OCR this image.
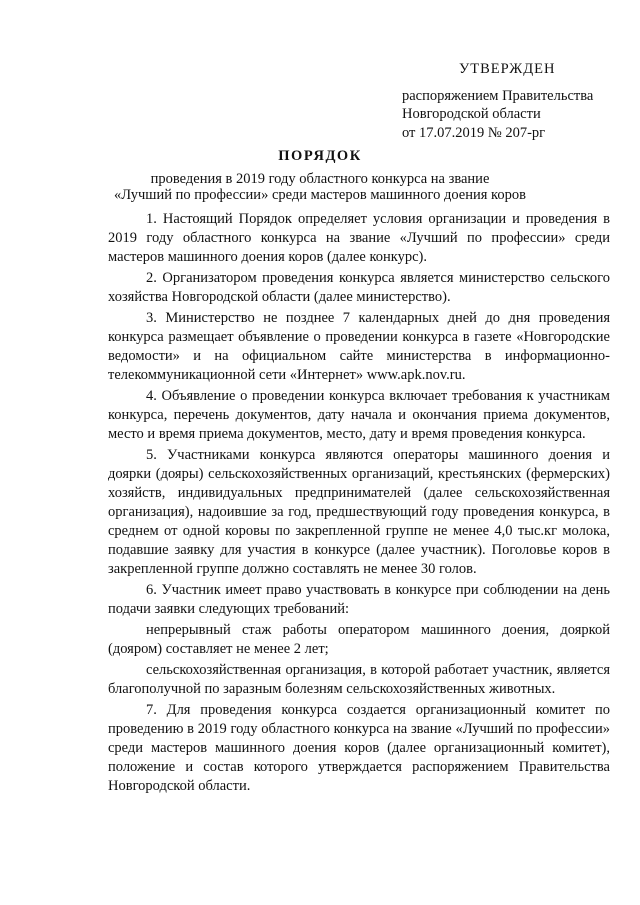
УТВЕРЖДЕН
распоряжением Правительства
Новгородской области
от 17.07.2019 № 207-рг
ПОРЯДОК
проведения в 2019 году областного конкурса на звание
«Лучший по профессии» среди мастеров машинного доения коров

1. Настоящий Порядок определяет условия организации и проведения в 2019 году областного конкурса на звание «Лучший по профессии» среди мастеров машинного доения коров (далее конкурс).

2. Организатором проведения конкурса является министерство сельского хозяйства Новгородской области (далее министерство).

3. Министерство не позднее 7 календарных дней до дня проведения конкурса размещает объявление о проведении конкурса в газете «Новгородские ведомости» и на официальном сайте министерства в информационно-телекоммуникационной сети «Интернет» www.apk.nov.ru.

4. Объявление о проведении конкурса включает требования к участникам конкурса, перечень документов, дату начала и окончания приема документов, место и время приема документов, место, дату и время проведения конкурса.

5. Участниками конкурса являются операторы машинного доения и доярки (дояры) сельскохозяйственных организаций, крестьянских (фермерских) хозяйств, индивидуальных предпринимателей (далее сельскохозяйственная организация), надоившие за год, предшествующий году проведения конкурса, в среднем от одной коровы по закрепленной группе не менее 4,0 тыс.кг молока, подавшие заявку для участия в конкурсе (далее участник). Поголовье коров в закрепленной группе должно составлять не менее 30 голов.

6. Участник имеет право участвовать в конкурсе при соблюдении на день подачи заявки следующих требований:

непрерывный стаж работы оператором машинного доения, дояркой (дояром) составляет не менее 2 лет;

сельскохозяйственная организация, в которой работает участник, является благополучной по заразным болезням сельскохозяйственных животных.

7. Для проведения конкурса создается организационный комитет по проведению в 2019 году областного конкурса на звание «Лучший по профессии» среди мастеров машинного доения коров (далее организационный комитет), положение и состав которого утверждается распоряжением Правительства Новгородской области.
